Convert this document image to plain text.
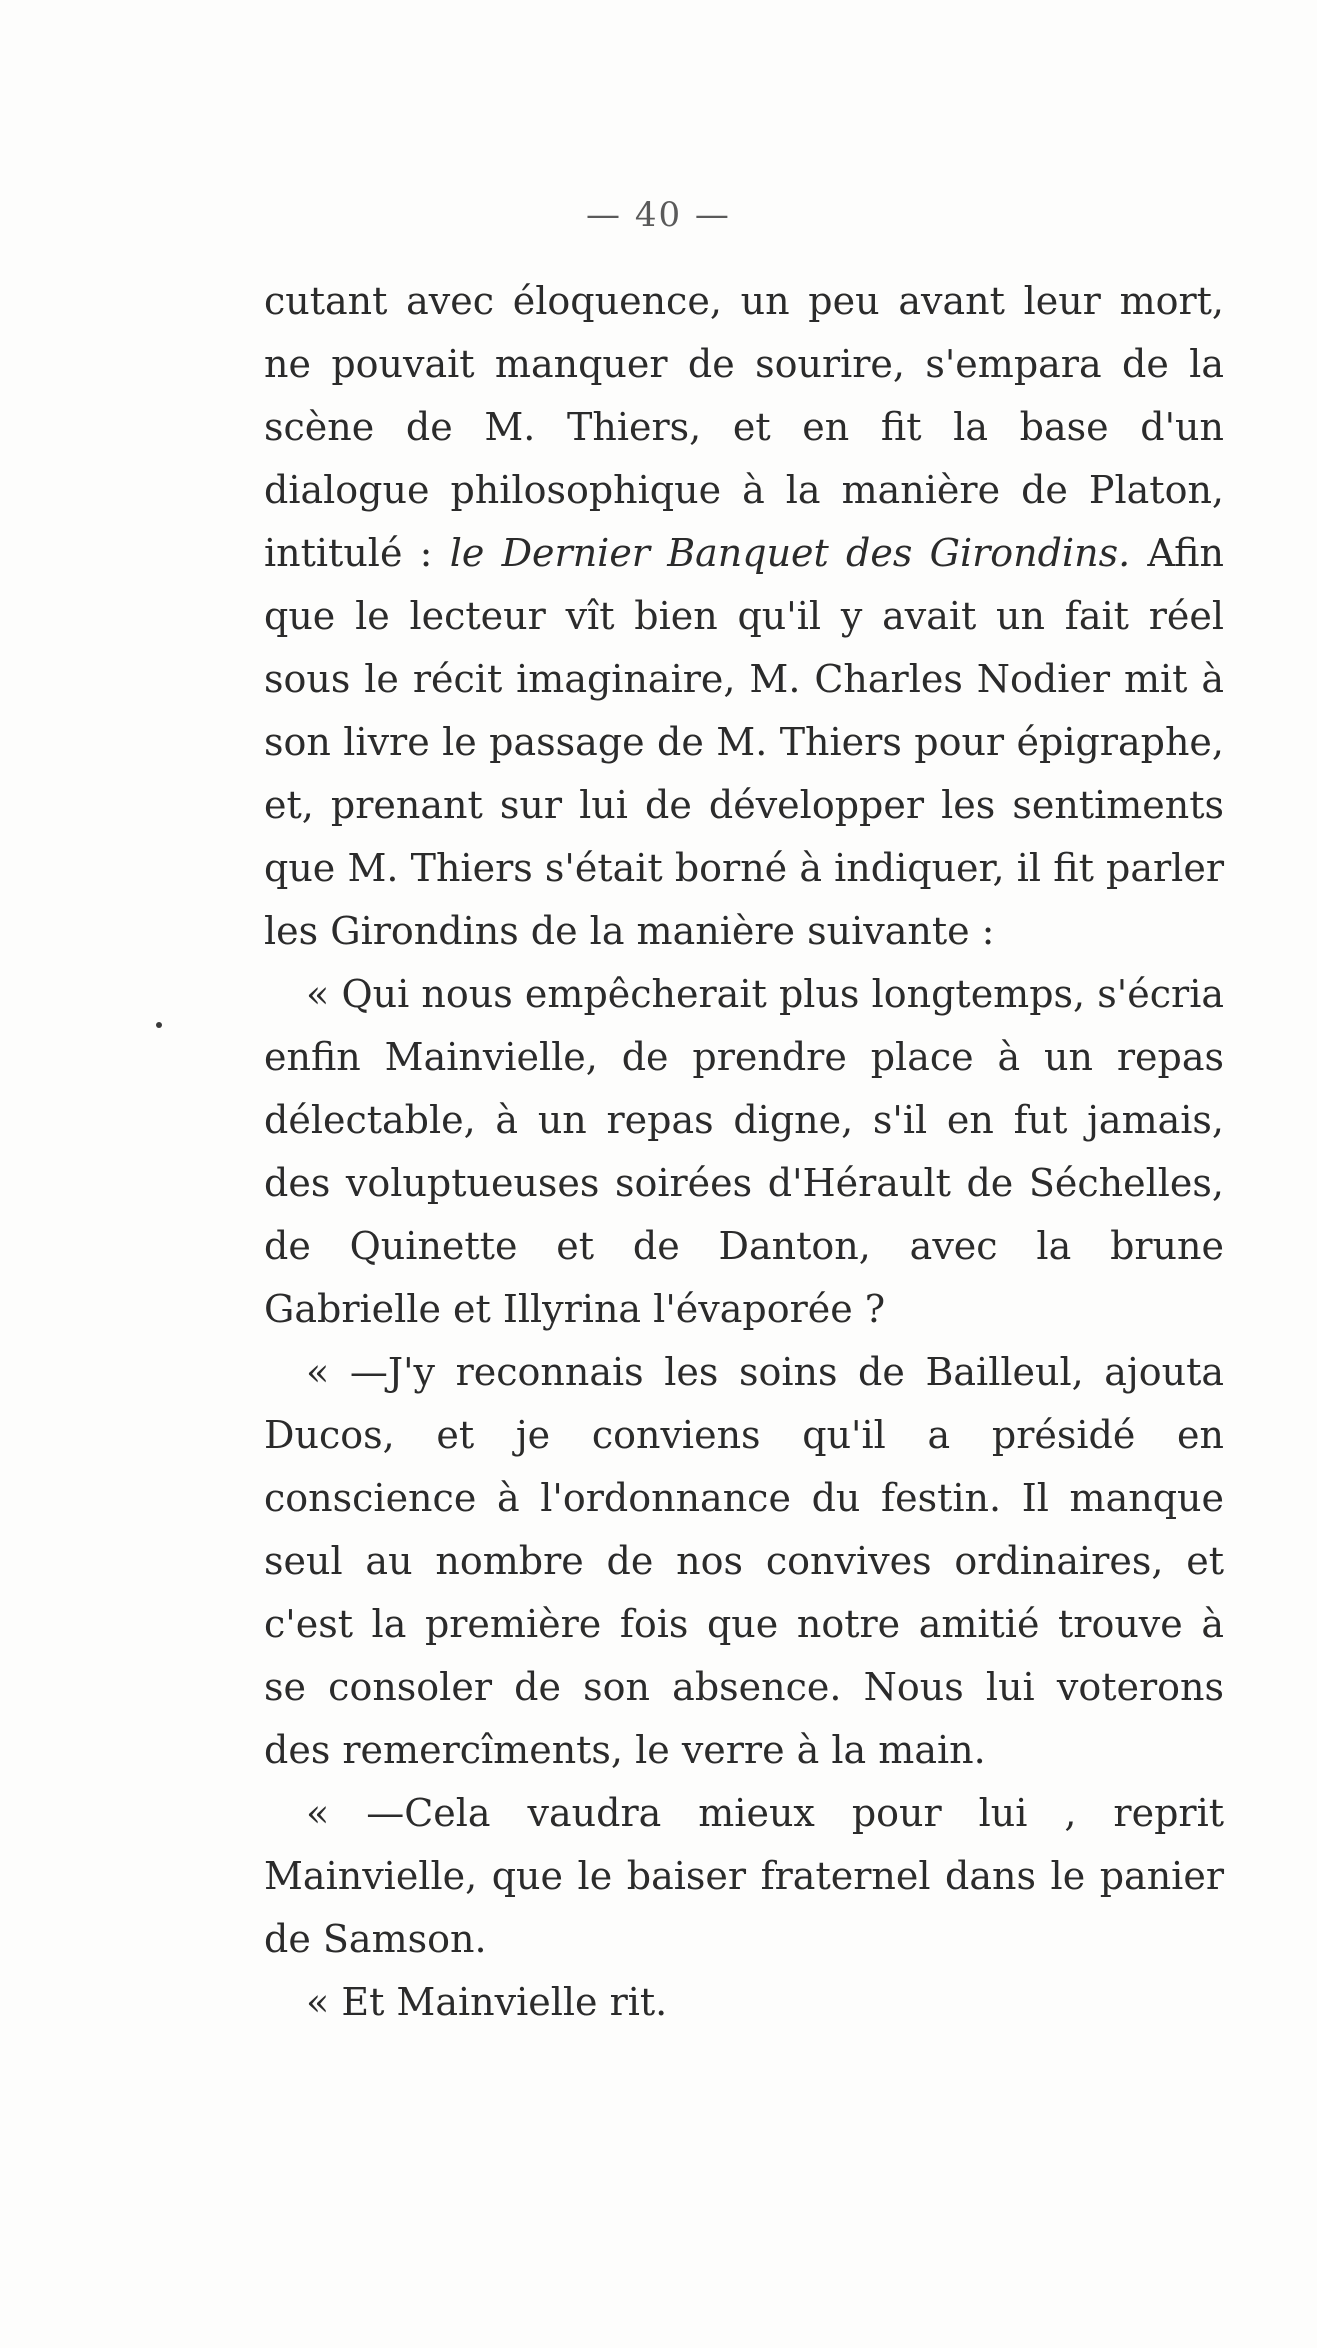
— 40 —

cutant avec éloquence, un peu avant leur mort, ne pouvait manquer de sourire, s'empara de la scène de M. Thiers, et en fit la base d'un dialogue philosophique à la manière de Platon, intitulé : le Dernier Banquet des Girondins. Afin que le lecteur vît bien qu'il y avait un fait réel sous le récit imaginaire, M. Charles Nodier mit à son livre le passage de M. Thiers pour épigraphe, et, prenant sur lui de développer les sentiments que M. Thiers s'était borné à indiquer, il fit parler les Girondins de la manière suivante :

« Qui nous empêcherait plus longtemps, s'écria enfin Mainvielle, de prendre place à un repas délectable, à un repas digne, s'il en fut jamais, des voluptueuses soirées d'Hérault de Séchelles, de Quinette et de Danton, avec la brune Gabrielle et Illyrina l'évaporée ?

« —J'y reconnais les soins de Bailleul, ajouta Ducos, et je conviens qu'il a présidé en conscience à l'ordonnance du festin. Il manque seul au nombre de nos convives ordinaires, et c'est la première fois que notre amitié trouve à se consoler de son absence. Nous lui voterons des remercîments, le verre à la main.

« —Cela vaudra mieux pour lui , reprit Mainvielle, que le baiser fraternel dans le panier de Samson.

« Et Mainvielle rit.
